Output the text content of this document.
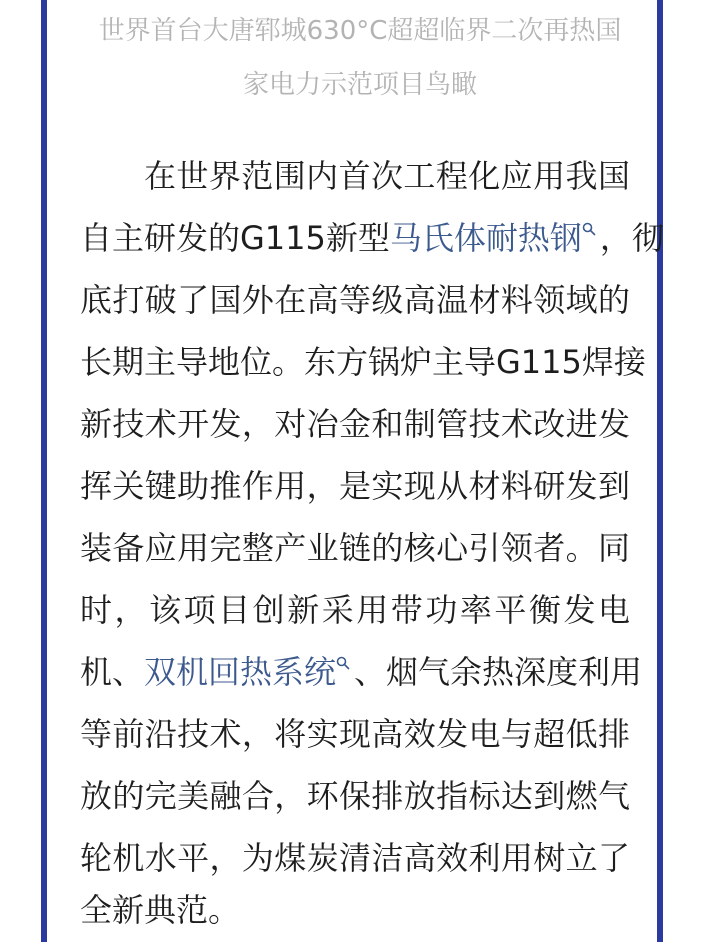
世界首台大唐郓城630°C超超临界二次再热国
家电力示范项目鸟瞰
在世界范围内首次工程化应用我国
自主研发的G115新型马氏体耐热钢 ，彻
底打破了国外在高等级高温材料领域的
长期主导地位。东方锅炉主导G115焊接
新技术开发，对冶金和制管技术改进发
挥关键助推作用，是实现从材料研发到
装备应用完整产业链的核心引领者。同
时，该项目创新采用带功率平衡发电
机、双机回热系统 、烟气余热深度利用
等前沿技术，将实现高效发电与超低排
放的完美融合，环保排放指标达到燃气
轮机水平，为煤炭清洁高效利用树立了
全新典范。
